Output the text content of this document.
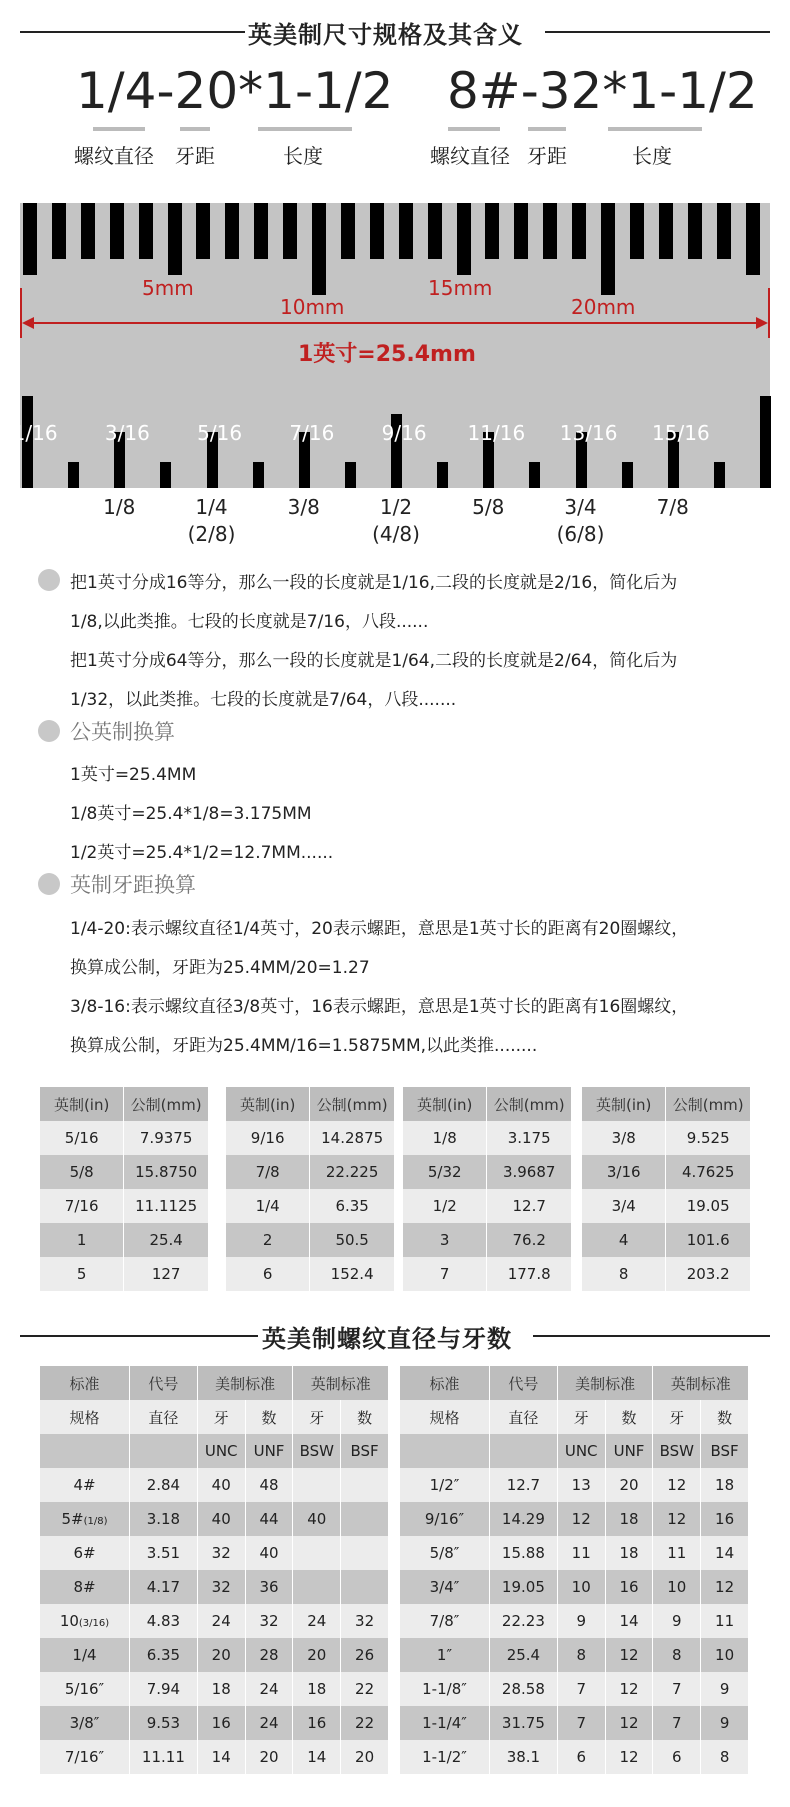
英美制尺寸规格及其含义
1/4-20*1-1/2
螺纹直径 牙距	长度
8#-32*1-1/2
螺纹直径 牙距	长度
5mm
10mm
15mm
20mm
1英寸=25.4mm
1/16 3/16 5/16 7/16 9/16 11/16 13/16 15/16
1/8	1/4
(2/8)
3/8	1/2
(4/8)
5/8	3/4
(6/8)
7/8
把1英寸分成16等分，那么一段的长度就是1/16,二段的长度就是2/16，简化后为
1/8,以此类推。七段的长度就是7/16，八段......
把1英寸分成64等分，那么一段的长度就是1/64,二段的长度就是2/64，简化后为
1/32，以此类推。七段的长度就是7/64，八段.......
公英制换算
1英寸=25.4MM
1/8英寸=25.4*1/8=3.175MM
1/2英寸=25.4*1/2=12.7MM......
英制牙距换算
1/4-20:表示螺纹直径1/4英寸，20表示螺距，意思是1英寸长的距离有20圈螺纹，
换算成公制，牙距为25.4MM/20=1.27
3/8-16:表示螺纹直径3/8英寸，16表示螺距，意思是1英寸长的距离有16圈螺纹，
换算成公制，牙距为25.4MM/16=1.5875MM,以此类推........
英制(in)	公制(mm)
5/16	7.9375
5/8	15.8750
7/16	11.1125
1	25.4
5	127
英制(in)	公制(mm)
9/16	14.2875
7/8	22.225
1/4	6.35
2	50.5
6	152.4
英制(in)	公制(mm)
1/8	3.175
5/32	3.9687
1/2	12.7
3	76.2
7	177.8
英制(in)	公制(mm)
3/8	9.525
3/16	4.7625
3/4	19.05
4	101.6
8	203.2
英美制螺纹直径与牙数
标准	代号	美制标准		英制标准	
规格	直径	牙	数	牙	数
		UNC	UNF	BSW	BSF
4#	2.84	40	48		
5#(1/8)	3.18	40	44	40	
6#	3.51	32	40		
8#	4.17	32	36		
10(3/16)	4.83	24	32	24	32
1/4	6.35	20	28	20	26
5/16″	7.94	18	24	18	22
3/8″	9.53	16	24	16	22
7/16″	11.11	14	20	14	20
标准	代号	美制标准		英制标准	
规格	直径	牙	数	牙	数
		UNC	UNF	BSW	BSF
1/2″	12.7	13	20	12	18
9/16″	14.29	12	18	12	16
5/8″	15.88	11	18	11	14
3/4″	19.05	10	16	10	12
7/8″	22.23	9	14	9	11
1″	25.4	8	12	8	10
1-1/8″	28.58	7	12	7	9
1-1/4″	31.75	7	12	7	9
1-1/2″	38.1	6	12	6	8
